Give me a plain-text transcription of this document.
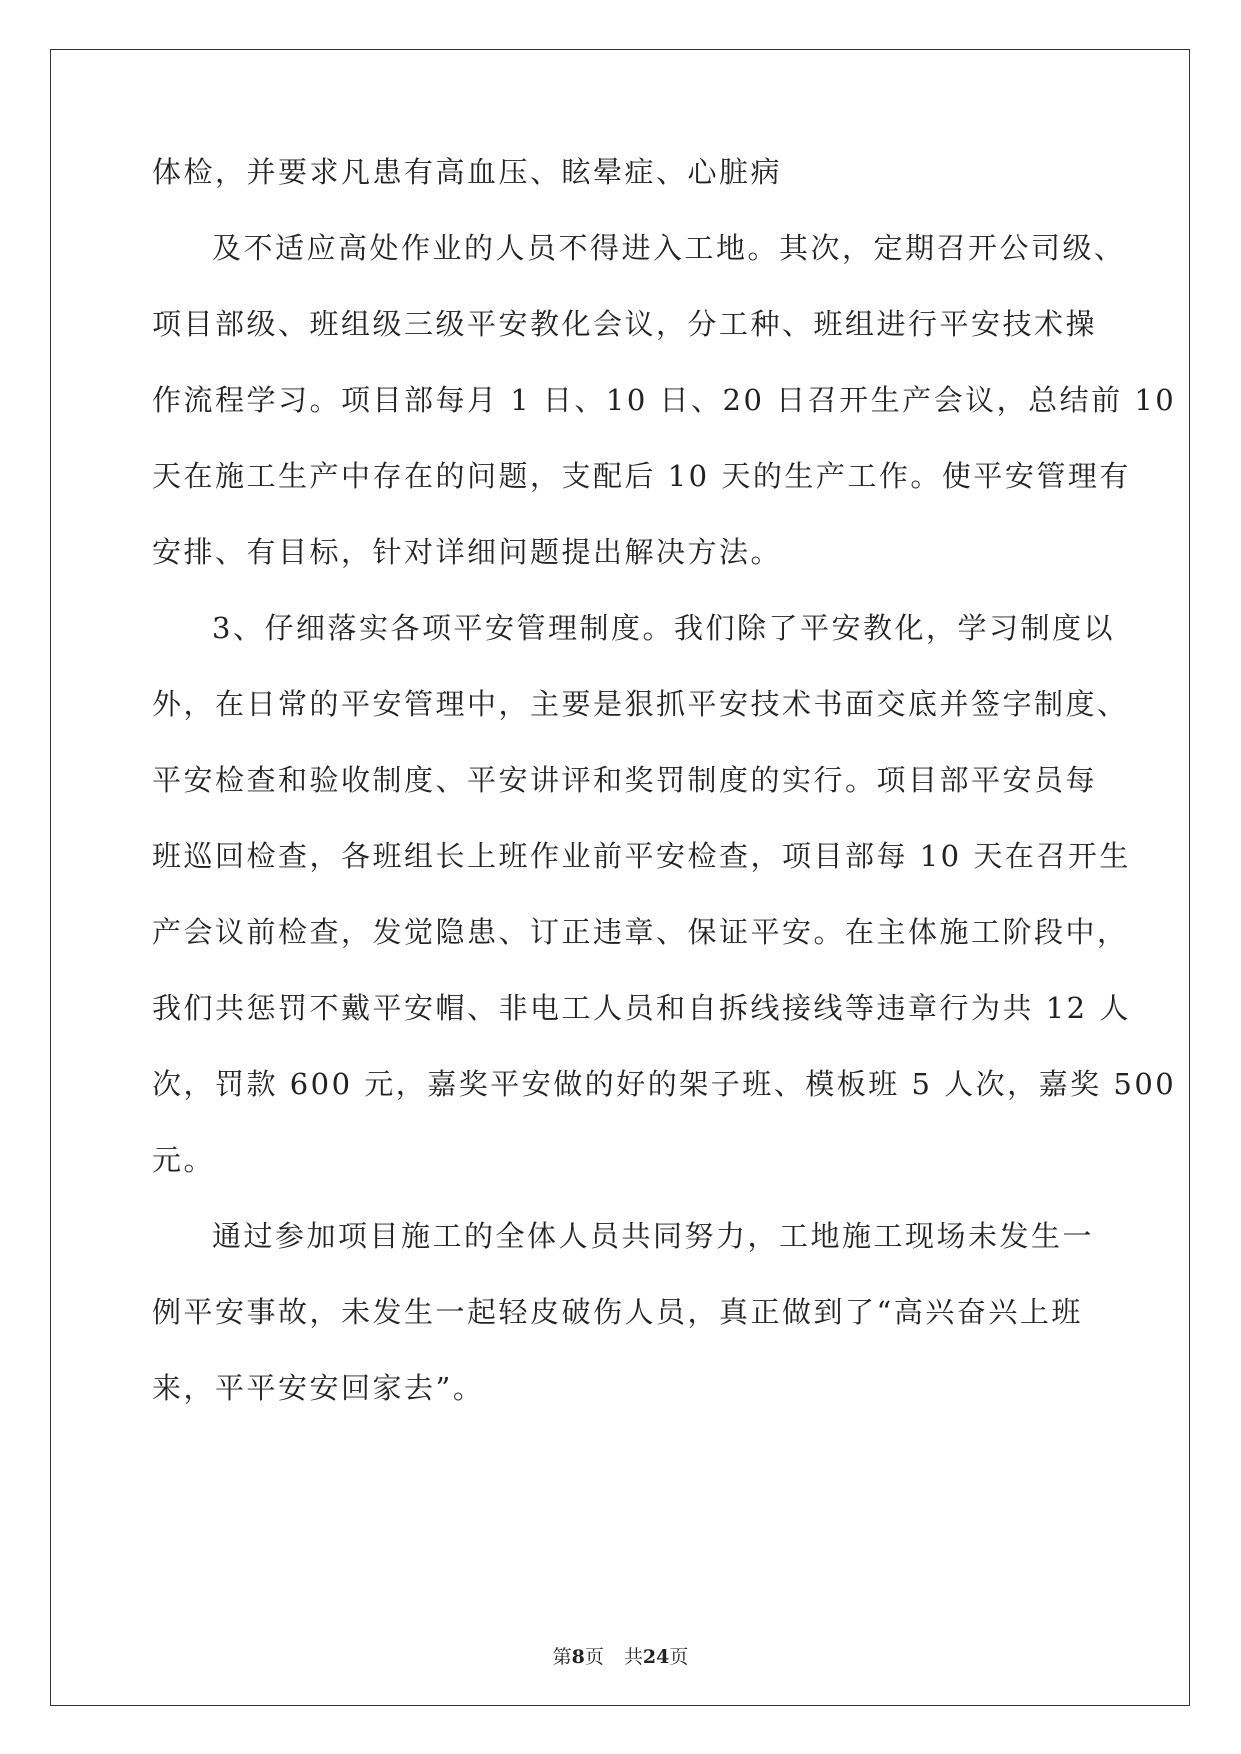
体检，并要求凡患有高血压、眩晕症、心脏病
及不适应高处作业的人员不得进入工地。其次，定期召开公司级、
项目部级、班组级三级平安教化会议，分工种、班组进行平安技术操
作流程学习。项目部每月 1 日、10 日、20 日召开生产会议，总结前 10
天在施工生产中存在的问题，支配后 10 天的生产工作。使平安管理有
安排、有目标，针对详细问题提出解决方法。
3、仔细落实各项平安管理制度。我们除了平安教化，学习制度以
外，在日常的平安管理中，主要是狠抓平安技术书面交底并签字制度、
平安检查和验收制度、平安讲评和奖罚制度的实行。项目部平安员每
班巡回检查，各班组长上班作业前平安检查，项目部每 10 天在召开生
产会议前检查，发觉隐患、订正违章、保证平安。在主体施工阶段中，
我们共惩罚不戴平安帽、非电工人员和自拆线接线等违章行为共 12 人
次，罚款 600 元，嘉奖平安做的好的架子班、模板班 5 人次，嘉奖 500
元。
通过参加项目施工的全体人员共同努力，工地施工现场未发生一
例平安事故，未发生一起轻皮破伤人员，真正做到了“高兴奋兴上班
来，平平安安回家去”。
第8页 共24页
